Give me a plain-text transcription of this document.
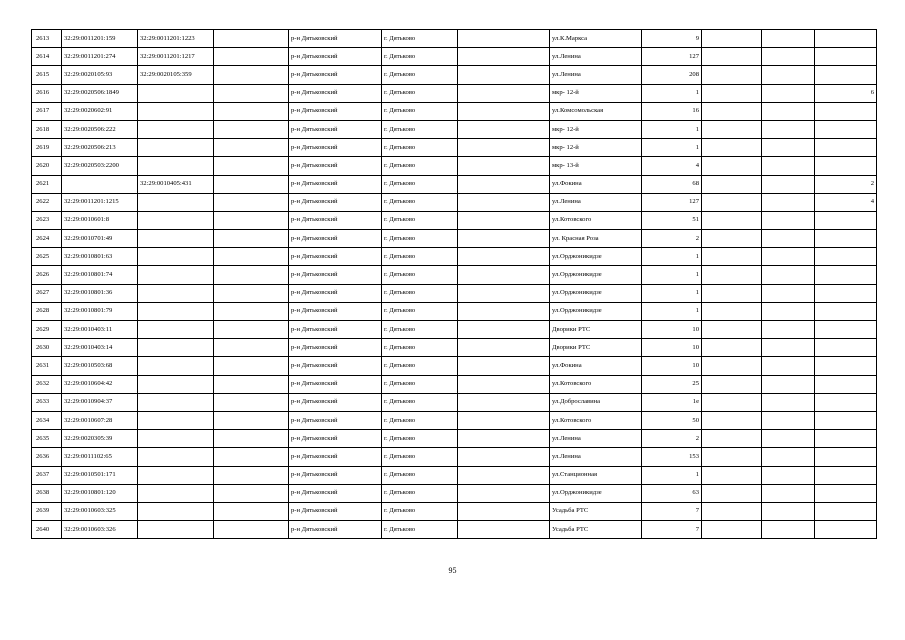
2613	32:29:0011201:159	32:29:0011201:1223		р-н Дятьковский	г. Дятьково		ул.К.Маркса	9			
2614	32:29:0011201:274	32:29:0011201:1217		р-н Дятьковский	г. Дятьково		ул.Ленина	127			
2615	32:29:0020105:93	32:29:0020105:359		р-н Дятьковский	г. Дятьково		ул.Ленина	208			
2616	32:29:0020506:1849			р-н Дятьковский	г. Дятьково		мкр- 12-й	1			6
2617	32:29:0020602:91			р-н Дятьковский	г. Дятьково		ул.Комсомольская	16			
2618	32:29:0020506:222			р-н Дятьковский	г. Дятьково		мкр- 12-й	1			
2619	32:29:0020506:213			р-н Дятьковский	г. Дятьково		мкр- 12-й	1			
2620	32:29:0020503:2200			р-н Дятьковский	г. Дятьково		мкр- 13-й	4			
2621		32:29:0010405:431		р-н Дятьковский	г. Дятьково		ул.Фокина	68			2
2622	32:29:0011201:1215			р-н Дятьковский	г. Дятьково		ул.Ленина	127			4
2623	32:29:0010601:8			р-н Дятьковский	г. Дятьково		ул.Котовского	51			
2624	32:29:0010701:49			р-н Дятьковский	г. Дятьково		ул. Красная Роза	2			
2625	32:29:0010801:63			р-н Дятьковский	г. Дятьково		ул.Орджоникидзе	1			
2626	32:29:0010801:74			р-н Дятьковский	г. Дятьково		ул.Орджоникидзе	1			
2627	32:29:0010801:36			р-н Дятьковский	г. Дятьково		ул.Орджоникидзе	1			
2628	32:29:0010801:79			р-н Дятьковский	г. Дятьково		ул.Орджоникидзе	1			
2629	32:29:0010403:11			р-н Дятьковский	г. Дятьково		Дворики РТС	10			
2630	32:29:0010403:14			р-н Дятьковский	г. Дятьково		Дворики РТС	10			
2631	32:29:0010503:68			р-н Дятьковский	г. Дятьково		ул.Фокина	10			
2632	32:29:0010604:42			р-н Дятьковский	г. Дятьково		ул.Котовского	25			
2633	32:29:0010904:37			р-н Дятьковский	г. Дятьково		ул.Доброславина	1е			
2634	32:29:0010607:28			р-н Дятьковский	г. Дятьково		ул.Котовского	50			
2635	32:29:0020305:39			р-н Дятьковский	г. Дятьково		ул.Ленина	2			
2636	32:29:0011102:65			р-н Дятьковский	г. Дятьково		ул.Ленина	153			
2637	32:29:0010501:171			р-н Дятьковский	г. Дятьково		ул.Станционная	1			
2638	32:29:0010801:120			р-н Дятьковский	г. Дятьково		ул.Орджоникидзе	63			
2639	32:29:0010603:325			р-н Дятьковский	г. Дятьково		Усадьба РТС	7			
2640	32:29:0010603:326			р-н Дятьковский	г. Дятьково		Усадьба РТС	7			
95
